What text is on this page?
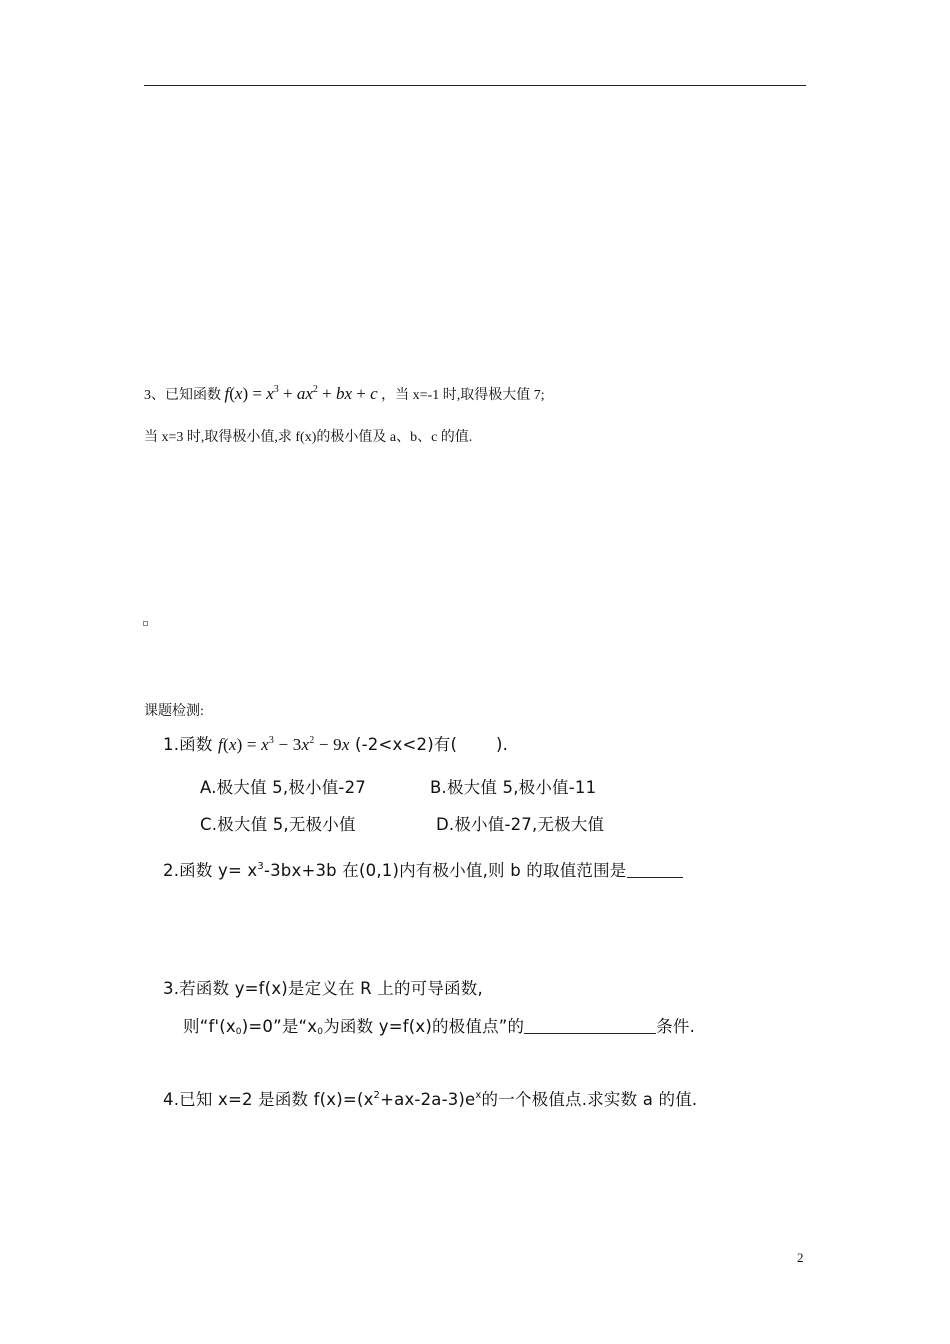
3、已知函数 $f(x) = x^3 + ax^2$ + bx + c ，当 x=-1 时,取得极大值 7;
当 x=3 时,取得极小值,求 f(x)的极小值及 a、b、c 的值.
课题检测:
1.函数 $f(x) = x^3 - 3x^2 - 9x$ (-2<x<2)有(　　 ).
A.极大值 5,极小值-27	B.极大值 5,极小值-11
C.极大值 5,无极小值	D.极小值-27,无极大值
2.函数 $y= x^3-3bx+3b$ 在(0,1)内有极小值,则 b 的取值范围是
3.若函数 y=f(x)是定义在 R 上的可导函数,
则“$f'(x_0)=0$”是“$x_0$为函数 y=f(x)的极值点”的	条件.
4.已知 x=2 是函数 $f(x)=(x^2+ax-2a-3)e^x$的一个极值点.求实数 a 的值.
2
